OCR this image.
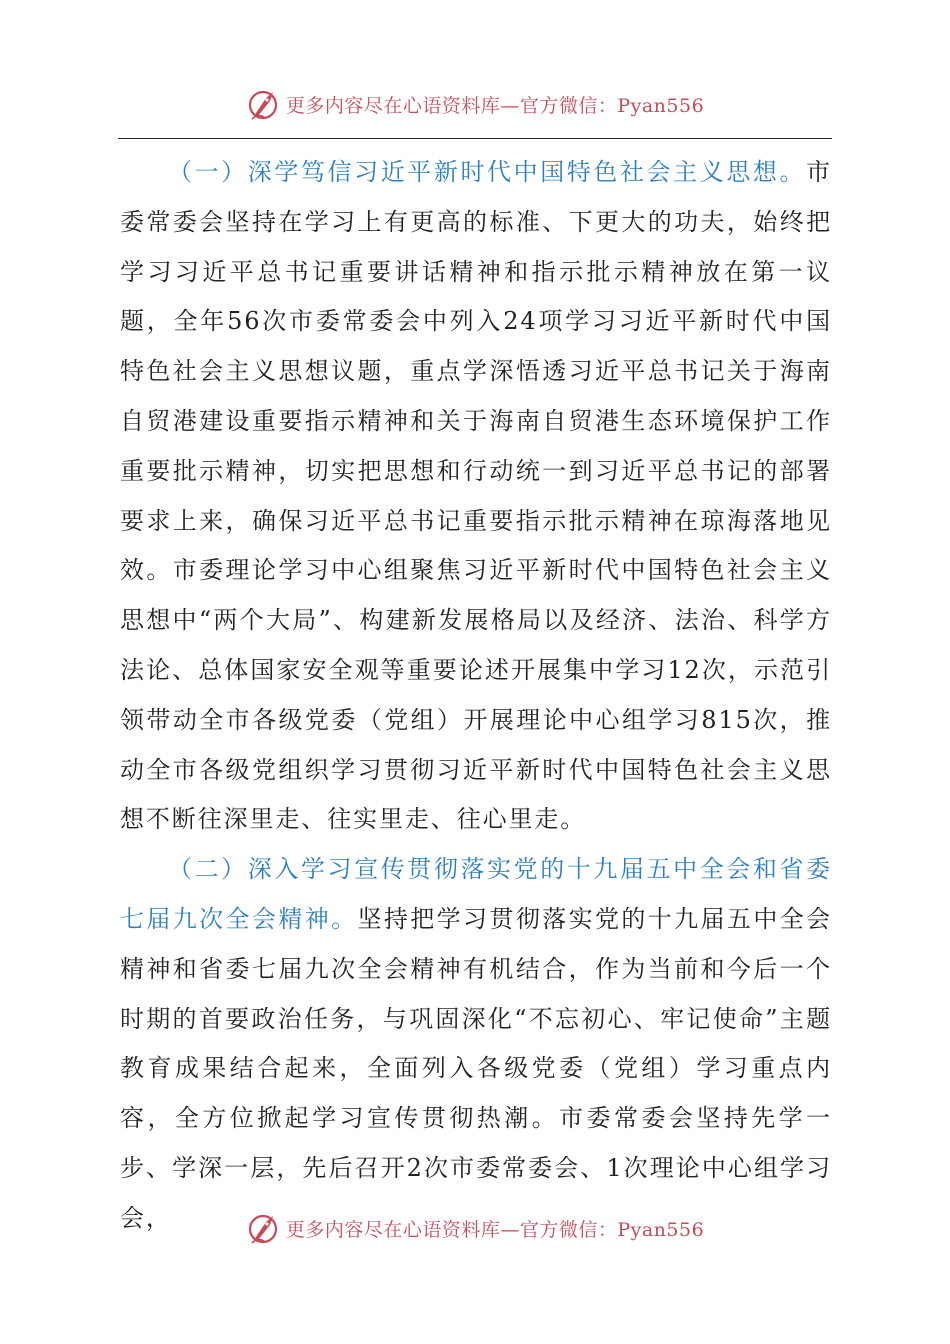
更多内容尽在心语资料库—官方微信：Pyan556

（一）深学笃信习近平新时代中国特色社会主义思想。市委常委会坚持在学习上有更高的标准、下更大的功夫，始终把学习习近平总书记重要讲话精神和指示批示精神放在第一议题，全年56次市委常委会中列入24项学习习近平新时代中国特色社会主义思想议题，重点学深悟透习近平总书记关于海南自贸港建设重要指示精神和关于海南自贸港生态环境保护工作重要批示精神，切实把思想和行动统一到习近平总书记的部署要求上来，确保习近平总书记重要指示批示精神在琼海落地见效。市委理论学习中心组聚焦习近平新时代中国特色社会主义思想中“两个大局”、构建新发展格局以及经济、法治、科学方法论、总体国家安全观等重要论述开展集中学习12次，示范引领带动全市各级党委（党组）开展理论中心组学习815次，推动全市各级党组织学习贯彻习近平新时代中国特色社会主义思想不断往深里走、往实里走、往心里走。

（二）深入学习宣传贯彻落实党的十九届五中全会和省委七届九次全会精神。坚持把学习贯彻落实党的十九届五中全会精神和省委七届九次全会精神有机结合，作为当前和今后一个时期的首要政治任务，与巩固深化“不忘初心、牢记使命”主题教育成果结合起来，全面列入各级党委（党组）学习重点内容，全方位掀起学习宣传贯彻热潮。市委常委会坚持先学一步、学深一层，先后召开2次市委常委会、1次理论中心组学习会，	更多内容尽在心语资料库—官方微信：Pyan556
